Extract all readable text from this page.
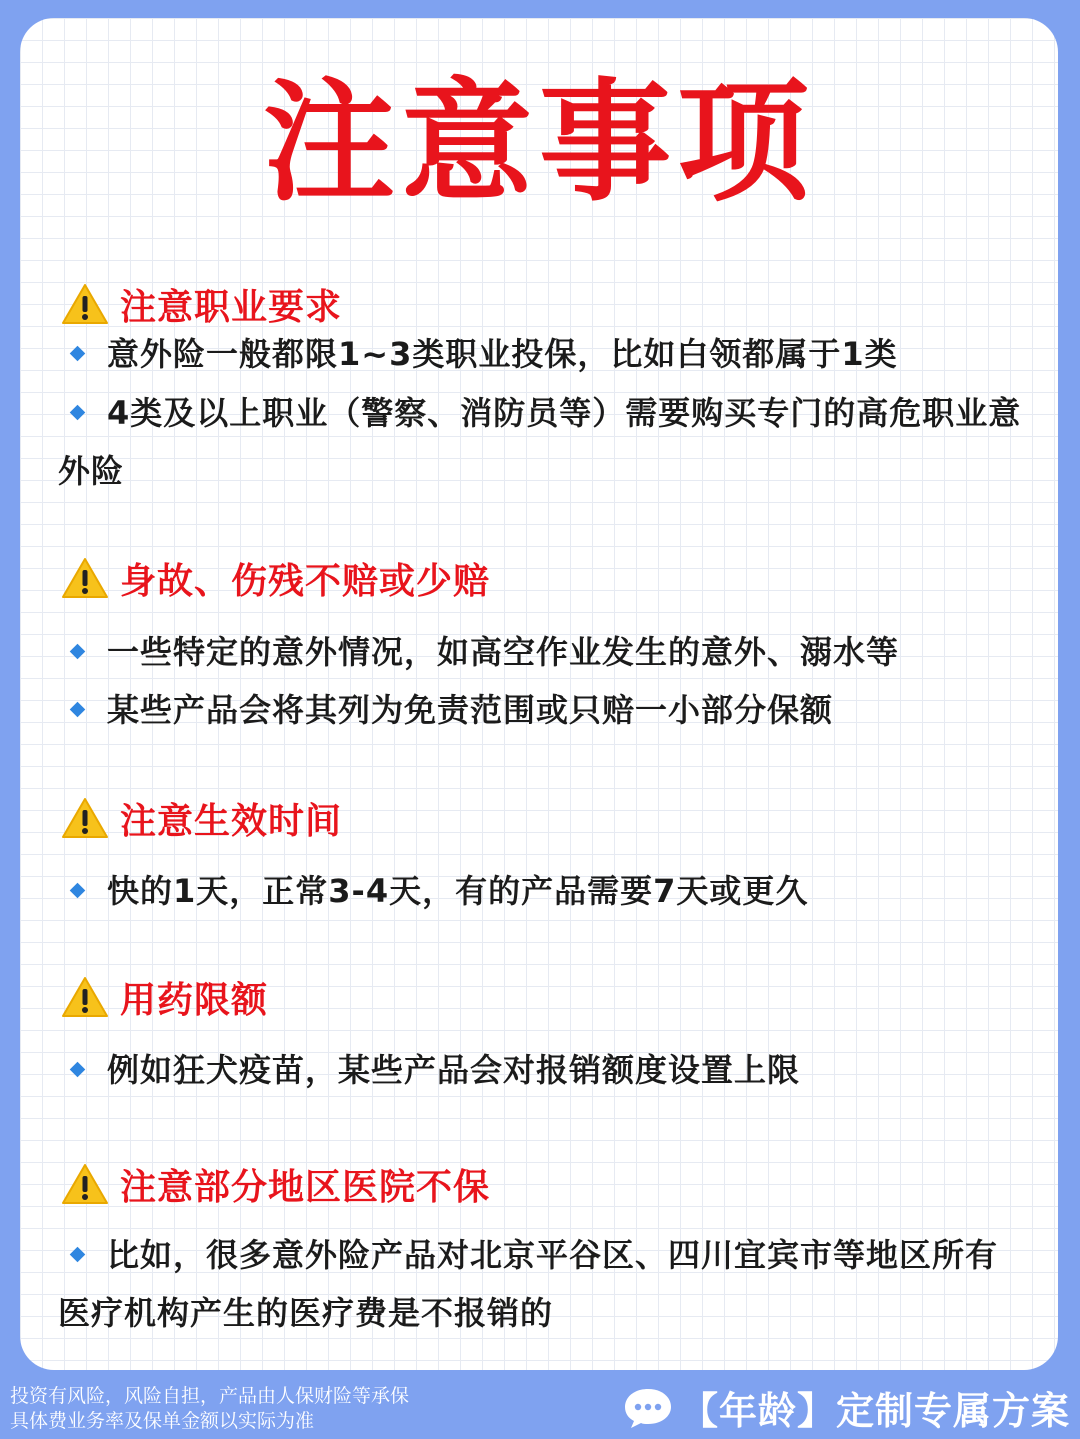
注意事项
注意职业要求
意外险一般都限1~3类职业投保，比如白领都属于1类
4类及以上职业（警察、消防员等）需要购买专门的高危职业意外险
身故、伤残不赔或少赔
一些特定的意外情况，如高空作业发生的意外、溺水等
某些产品会将其列为免责范围或只赔一小部分保额
注意生效时间
快的1天，正常3-4天，有的产品需要7天或更久
用药限额
例如狂犬疫苗，某些产品会对报销额度设置上限
注意部分地区医院不保
比如，很多意外险产品对北京平谷区、四川宜宾市等地区所有医疗机构产生的医疗费是不报销的
投资有风险，风险自担，产品由人保财险等承保
具体费业务率及保单金额以实际为准	【年龄】定制专属方案
